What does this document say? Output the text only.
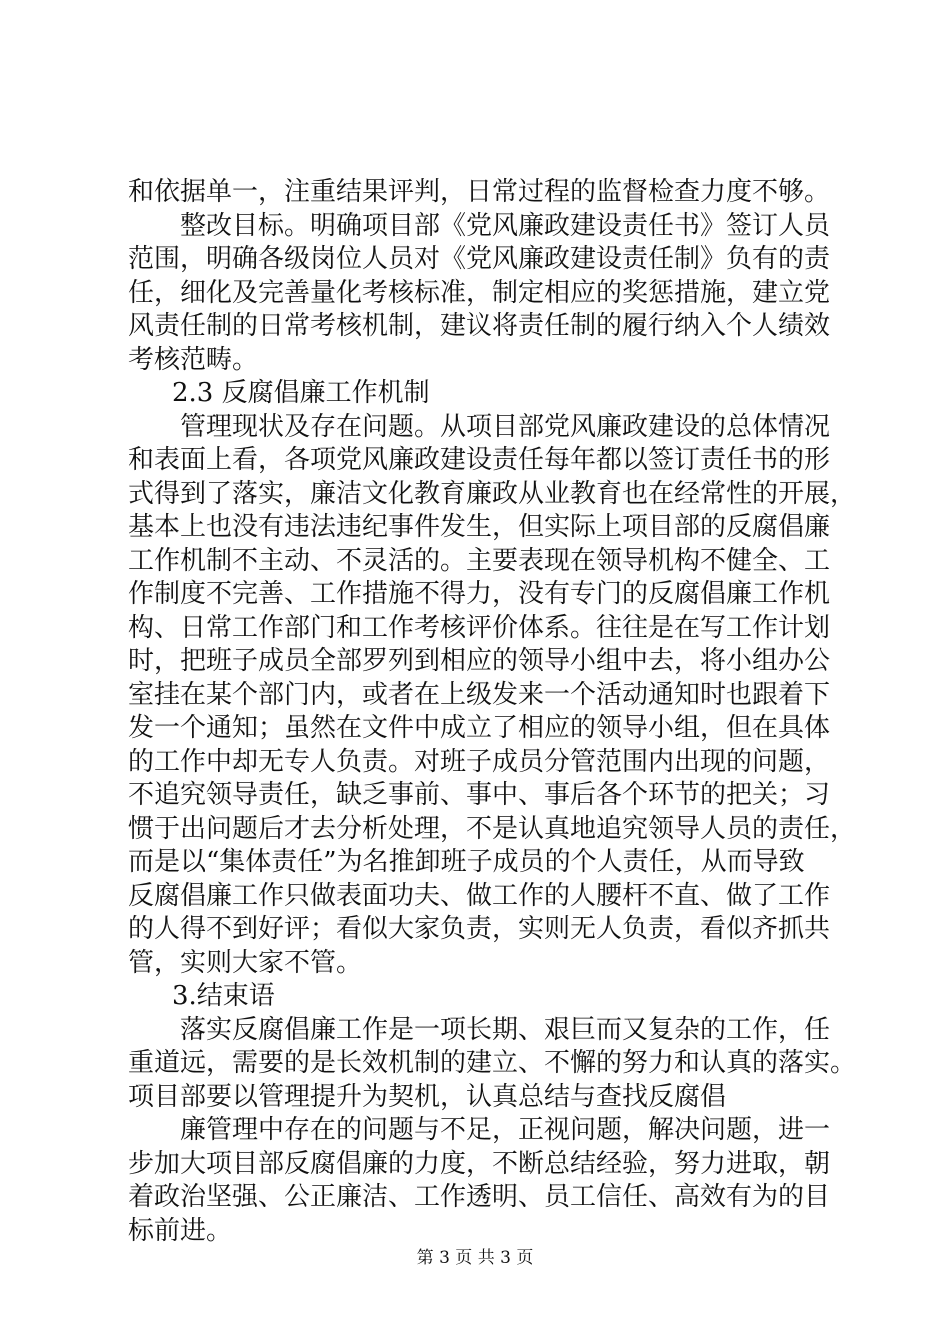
和依据单一，注重结果评判，日常过程的监督检查力度不够。
整改目标。明确项目部《党风廉政建设责任书》签订人员
范围，明确各级岗位人员对《党风廉政建设责任制》负有的责
任，细化及完善量化考核标准，制定相应的奖惩措施，建立党
风责任制的日常考核机制，建议将责任制的履行纳入个人绩效
考核范畴。
2.3 反腐倡廉工作机制
管理现状及存在问题。从项目部党风廉政建设的总体情况
和表面上看，各项党风廉政建设责任每年都以签订责任书的形
式得到了落实，廉洁文化教育廉政从业教育也在经常性的开展，
基本上也没有违法违纪事件发生，但实际上项目部的反腐倡廉
工作机制不主动、不灵活的。主要表现在领导机构不健全、工
作制度不完善、工作措施不得力，没有专门的反腐倡廉工作机
构、日常工作部门和工作考核评价体系。往往是在写工作计划
时，把班子成员全部罗列到相应的领导小组中去，将小组办公
室挂在某个部门内，或者在上级发来一个活动通知时也跟着下
发一个通知；虽然在文件中成立了相应的领导小组，但在具体
的工作中却无专人负责。对班子成员分管范围内出现的问题，
不追究领导责任，缺乏事前、事中、事后各个环节的把关；习
惯于出问题后才去分析处理，不是认真地追究领导人员的责任，
而是以“集体责任”为名推卸班子成员的个人责任，从而导致
反腐倡廉工作只做表面功夫、做工作的人腰杆不直、做了工作
的人得不到好评；看似大家负责，实则无人负责，看似齐抓共
管，实则大家不管。
3.结束语
落实反腐倡廉工作是一项长期、艰巨而又复杂的工作，任
重道远，需要的是长效机制的建立、不懈的努力和认真的落实。
项目部要以管理提升为契机，认真总结与查找反腐倡
廉管理中存在的问题与不足，正视问题，解决问题，进一
步加大项目部反腐倡廉的力度，不断总结经验，努力进取，朝
着政治坚强、公正廉洁、工作透明、员工信任、高效有为的目
标前进。
第 3 页 共 3 页
